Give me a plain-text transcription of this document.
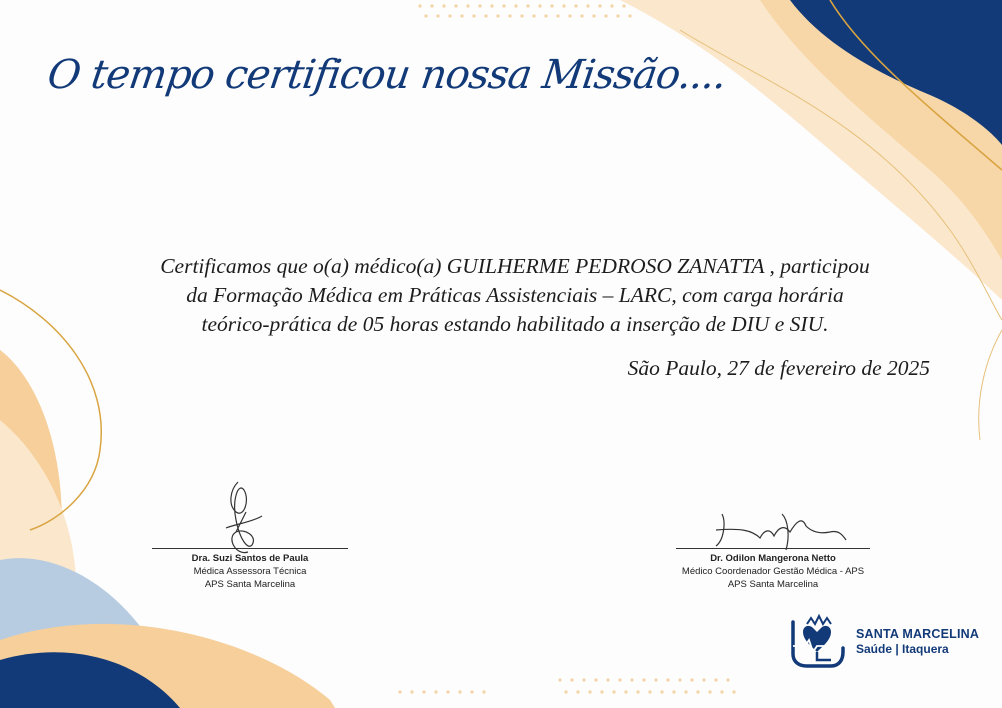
O tempo certificou nossa Missão....

Certificamos que o(a) médico(a) GUILHERME PEDROSO ZANATTA , participou

da Formação Médica em Práticas Assistenciais – LARC, com carga horária

teórico-prática de 05 horas estando habilitado a inserção de DIU e SIU.

São Paulo, 27 de fevereiro de 2025
Dra. Suzi Santos de Paula
Médica Assessora Técnica
APS Santa Marcelina
Dr. Odilon Mangerona Netto
Médico Coordenador Gestão Médica - APS
APS Santa Marcelina
SANTA MARCELINA
Saúde | Itaquera
